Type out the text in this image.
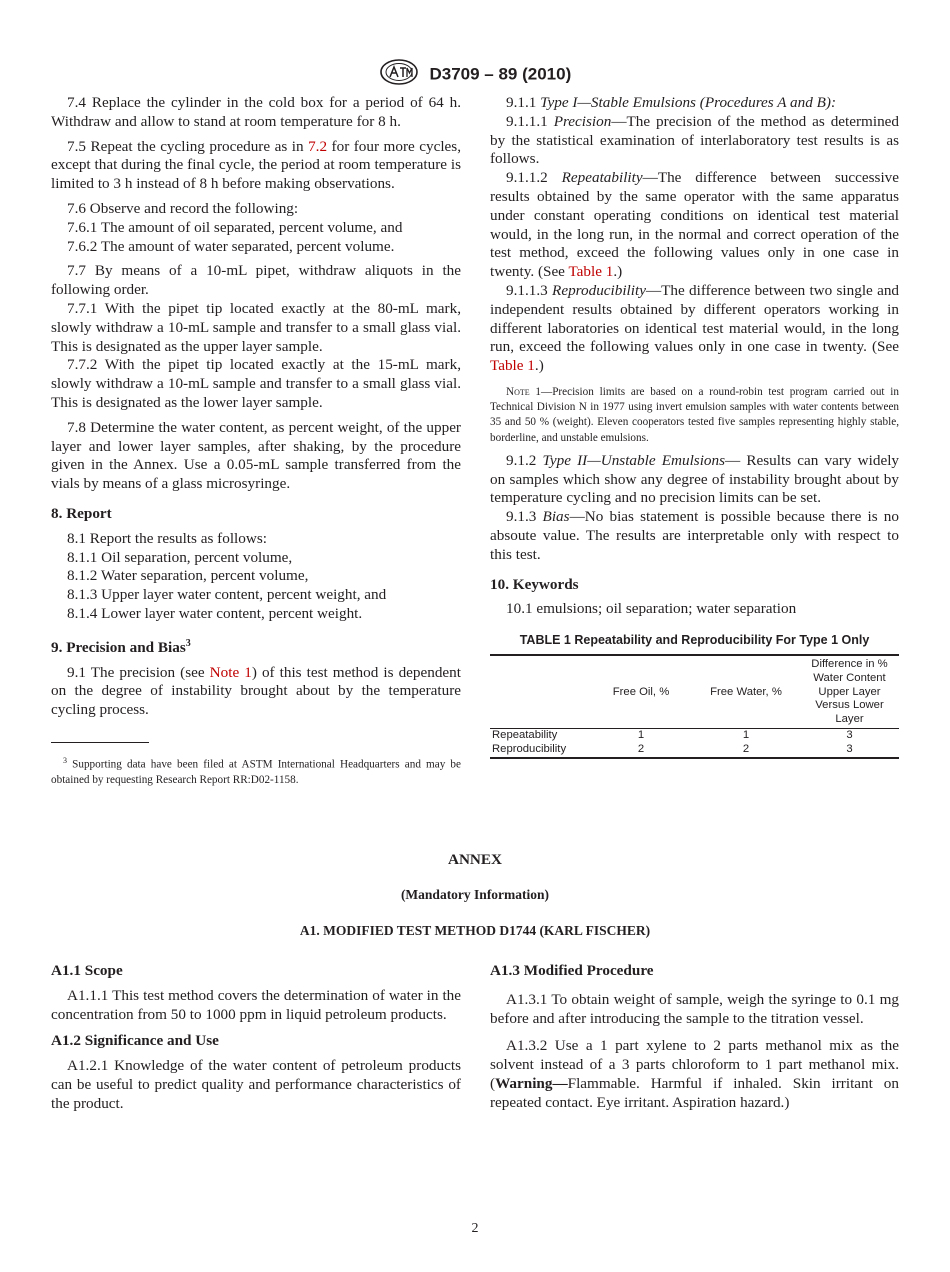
D3709 – 89 (2010)

7.4 Replace the cylinder in the cold box for a period of 64 h. Withdraw and allow to stand at room temperature for 8 h.

7.5 Repeat the cycling procedure as in 7.2 for four more cycles, except that during the final cycle, the period at room temperature is limited to 3 h instead of 8 h before making observations.

7.6 Observe and record the following:

7.6.1 The amount of oil separated, percent volume, and

7.6.2 The amount of water separated, percent volume.

7.7 By means of a 10-mL pipet, withdraw aliquots in the following order.

7.7.1 With the pipet tip located exactly at the 80-mL mark, slowly withdraw a 10-mL sample and transfer to a small glass vial. This is designated as the upper layer sample.

7.7.2 With the pipet tip located exactly at the 15-mL mark, slowly withdraw a 10-mL sample and transfer to a small glass vial. This is designated as the lower layer sample.

7.8 Determine the water content, as percent weight, of the upper layer and lower layer samples, after shaking, by the procedure given in the Annex. Use a 0.05-mL sample transferred from the vials by means of a glass microsyringe.

8. Report

8.1 Report the results as follows:

8.1.1 Oil separation, percent volume,

8.1.2 Water separation, percent volume,

8.1.3 Upper layer water content, percent weight, and

8.1.4 Lower layer water content, percent weight.

9. Precision and Bias$^3$

9.1 The precision (see Note 1) of this test method is dependent on the degree of instability brought about by the temperature cycling process.

$^3$ Supporting data have been filed at ASTM International Headquarters and may be obtained by requesting Research Report RR:D02-1158.

9.1.1 Type I—Stable Emulsions (Procedures A and B):

9.1.1.1 Precision—The precision of the method as determined by the statistical examination of interlaboratory test results is as follows.

9.1.1.2 Repeatability—The difference between successive results obtained by the same operator with the same apparatus under constant operating conditions on identical test material would, in the long run, in the normal and correct operation of the test method, exceed the following values only in one case in twenty. (See Table 1.)

9.1.1.3 Reproducibility—The difference between two single and independent results obtained by different operators working in different laboratories on identical test material would, in the long run, exceed the following values only in one case in twenty. (See Table 1.)

Note 1—Precision limits are based on a round-robin test program carried out in Technical Division N in 1977 using invert emulsion samples with water contents between 35 and 50 % (weight). Eleven cooperators tested five samples representing highly stable, borderline, and unstable emulsions.

9.1.2 Type II—Unstable Emulsions— Results can vary widely on samples which show any degree of instability brought about by temperature cycling and no precision limits can be set.

9.1.3 Bias—No bias statement is possible because there is no absoute value. The results are interpretable only with respect to this test.

10. Keywords

10.1 emulsions; oil separation; water separation

TABLE 1 Repeatability and Reproducibility For Type 1 Only
	Free Oil, %	Free Water, %	Difference in % Water Content Upper Layer Versus Lower Layer
Repeatability	1	1	3
Reproducibility	2	2	3
ANNEX
(Mandatory Information)
A1. MODIFIED TEST METHOD D1744 (KARL FISCHER)
A1.1 Scope

A1.1.1 This test method covers the determination of water in the concentration from 50 to 1000 ppm in liquid petroleum products.

A1.2 Significance and Use

A1.2.1 Knowledge of the water content of petroleum products can be useful to predict quality and performance characteristics of the product.

A1.3 Modified Procedure

A1.3.1 To obtain weight of sample, weigh the syringe to 0.1 mg before and after introducing the sample to the titration vessel.

A1.3.2 Use a 1 part xylene to 2 parts methanol mix as the solvent instead of a 3 parts chloroform to 1 part methanol mix. (Warning—Flammable. Harmful if inhaled. Skin irritant on repeated contact. Eye irritant. Aspiration hazard.)

2
